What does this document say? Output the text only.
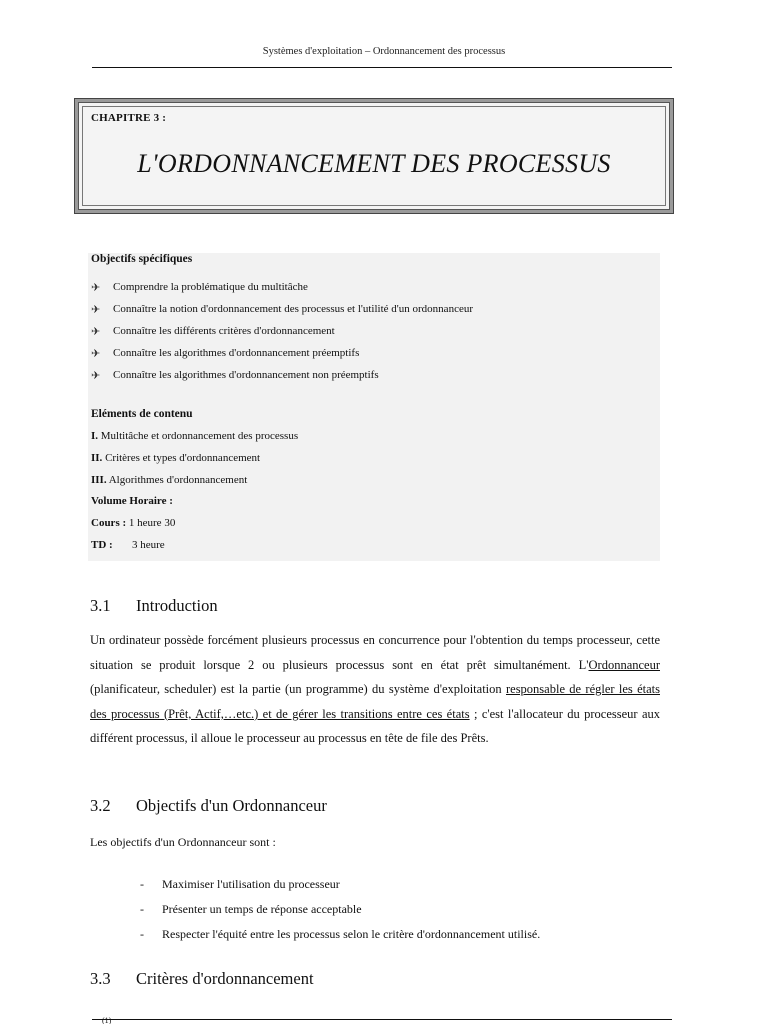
Systèmes d'exploitation – Ordonnancement des processus
CHAPITRE 3 :
L'ORDONNANCEMENT DES PROCESSUS
Objectifs spécifiques
✈	Comprendre la problématique du multitâche
✈	Connaître la notion d'ordonnancement des processus et l'utilité d'un ordonnanceur
✈	Connaître les différents critères d'ordonnancement
✈	Connaître les algorithmes d'ordonnancement préemptifs
✈	Connaître les algorithmes d'ordonnancement non préemptifs
Eléments de contenu
I. Multitâche et ordonnancement des processus
II. Critères et types d'ordonnancement
III. Algorithmes d'ordonnancement
Volume Horaire :
Cours : 1 heure 30
TD : 3 heure
3.1 Introduction
Un ordinateur possède forcément plusieurs processus en concurrence pour l'obtention du temps processeur, cette situation se produit lorsque 2 ou plusieurs processus sont en état prêt simultanément. L'Ordonnanceur (planificateur, scheduler) est la partie (un programme) du système d'exploitation responsable de régler les états des processus (Prêt, Actif,…etc.) et de gérer les transitions entre ces états ; c'est l'allocateur du processeur aux différent processus, il alloue le processeur au processus en tête de file des Prêts.
3.2 Objectifs d'un Ordonnanceur
Les objectifs d'un Ordonnanceur sont :
-	Maximiser l'utilisation du processeur
-	Présenter un temps de réponse acceptable
-	Respecter l'équité entre les processus selon le critère d'ordonnancement utilisé.
3.3 Critères d'ordonnancement
(1)
